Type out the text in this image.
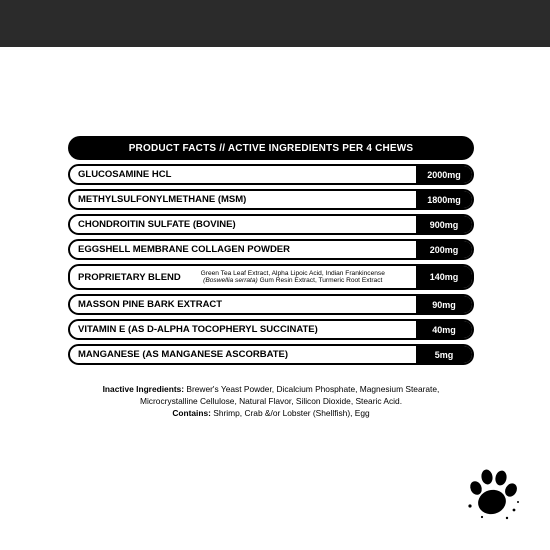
PRODUCT FACTS // ACTIVE INGREDIENTS PER 4 CHEWS
GLUCOSAMINE HCL	2000mg
METHYLSULFONYLMETHANE (MSM)	1800mg
CHONDROITIN SULFATE (BOVINE)	900mg
EGGSHELL MEMBRANE COLLAGEN POWDER	200mg
PROPRIETARY BLEND	Green Tea Leaf Extract, Alpha Lipoic Acid, Indian Frankincense (Boswellia serrata) Gum Resin Extract, Turmeric Root Extract	140mg
MASSON PINE BARK EXTRACT	90mg
VITAMIN E (AS D-ALPHA TOCOPHERYL SUCCINATE)	40mg
MANGANESE (AS MANGANESE ASCORBATE)	5mg
Inactive Ingredients: Brewer's Yeast Powder, Dicalcium Phosphate, Magnesium Stearate,
Microcrystalline Cellulose, Natural Flavor, Silicon Dioxide, Stearic Acid.
Contains: Shrimp, Crab &/or Lobster (Shellfish), Egg
